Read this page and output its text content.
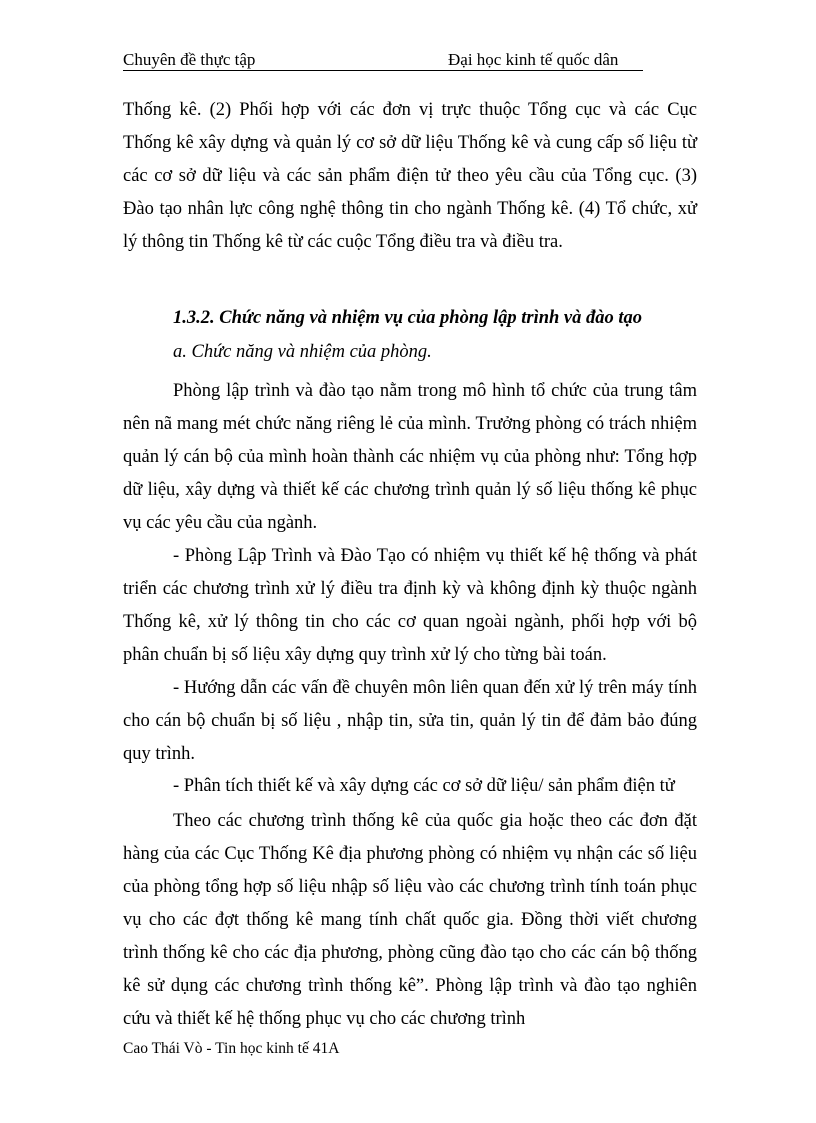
Chuyên đề thực tập	Đại học kinh tế quốc dân
Thống kê. (2) Phối hợp với các đơn vị trực thuộc Tổng cục và các Cục Thống kê xây dựng và quản lý cơ sở dữ liệu Thống kê và cung cấp số liệu từ các cơ sở dữ liệu và các sản phẩm điện tử theo yêu cầu của Tổng cục. (3) Đào tạo nhân lực công nghệ thông tin cho ngành Thống kê. (4) Tổ chức, xử lý thông tin Thống kê từ các cuộc Tổng điều tra và điều tra.
1.3.2. Chức năng và nhiệm vụ của phòng lập trình và đào tạo
a. Chức năng và nhiệm của phòng.
Phòng lập trình và đào tạo nằm trong mô hình tổ chức của trung tâm nên nã mang mét chức năng riêng lẻ của mình. Trưởng phòng có trách nhiệm quản lý cán bộ của mình hoàn thành các nhiệm vụ của phòng như: Tổng hợp dữ liệu, xây dựng và thiết kế các chương trình quản lý số liệu thống kê phục vụ các yêu cầu của ngành.
- Phòng Lập Trình và Đào Tạo có nhiệm vụ thiết kế hệ thống và phát triển các chương trình xử lý điều tra định kỳ và không định kỳ thuộc ngành Thống kê, xử lý thông tin cho các cơ quan ngoài ngành, phối hợp với bộ phân chuẩn bị số liệu xây dựng quy trình xử lý cho từng bài toán.
- Hướng dẫn các vấn đề chuyên môn liên quan đến xử lý trên máy tính cho cán bộ chuẩn bị số liệu , nhập tin, sửa tin, quản lý tin để đảm bảo đúng quy trình.
- Phân tích thiết kế và xây dựng các cơ sở dữ liệu/ sản phẩm điện tử
Theo các chương trình thống kê của quốc gia hoặc theo các đơn đặt hàng của các Cục Thống Kê địa phương phòng có nhiệm vụ nhận các số liệu của phòng tổng hợp số liệu nhập số liệu vào các chương trình tính toán phục vụ cho các đợt thống kê mang tính chất quốc gia. Đồng thời viết chương trình thống kê cho các địa phương, phòng cũng đào tạo cho các cán bộ thống kê sử dụng các chương trình thống kê”. Phòng lập trình và đào tạo nghiên cứu và thiết kế hệ thống phục vụ cho các chương trình
Cao Thái Vò - Tin học kinh tế 41A
